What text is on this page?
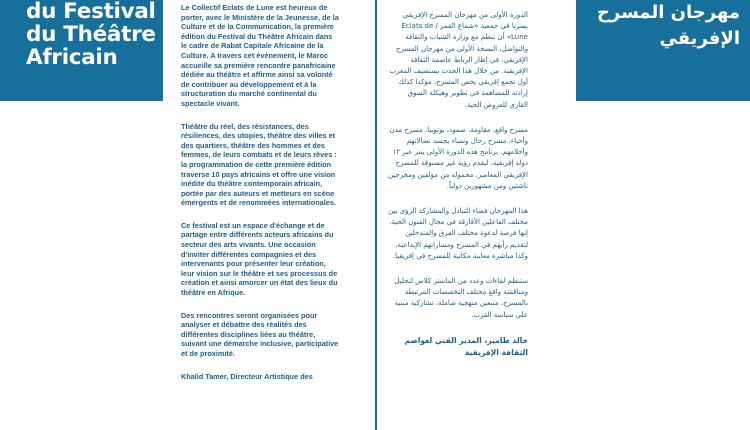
du Festival
du Théâtre
Africain

Le Collectif Eclats de Lune est heureux de porter, avec le Ministère de la Jeunesse, de la Culture et de la Communication, la première édition du Festival du Théâtre Africain dans le cadre de Rabat Capitale Africaine de la Culture. A travers cet événement, le Maroc accueille sa première rencontre panafricaine dédiée au théâtre et affirme ainsi sa volonté de contribuer au développement et à la structuration du marché continental du spectacle vivant.

Théâtre du réel, des résistances, des résiliences, des utopies, théâtre des villes et des quartiers, théâtre des hommes et des femmes, de leurs combats et de leurs rêves : la programmation de cette première édition traverse 10 pays africains et offre une vision inédite du théâtre contemporain africain, portée par des auteurs et metteurs en scène émergents et de renommées internationales.

Ce festival est un espace d'échange et de partage entre différents acteurs africains du secteur des arts vivants. Une occasion d'inviter différentes compagnies et des intervenants pour présenter leur création, leur vision sur le théâtre et ses processus de création et ainsi amorcer un état des lieux du théâtre en Afrique.

Des rencontres seront organisées pour analyser et débattre des réalités des différentes disciplines liées au théâtre, suivant une démarche inclusive, participative et de proximité.

Khalid Tamer, Directeur Artistique des

الدورة الأولى من مهرجان المسرح الإفريقي يسرنا في جمعية «شماع القمر / Eclats de Lune» أن ننظم مع وزارة الشباب والثقافة والتواصل، النسخة الأولى من مهرجان المسرح الإفريقي، في إطار الرباط عاصمة الثقافة الإفريقية. من خلال هذا الحدث يستضيف المغرب أول تجمع إفريقي يخص المسرح، مؤكدا كذلك إرادته للمساهمة في تطوير وهيكلة السوق القاري للعروض الحية.

مسرح واقع، مقاومة، صمود، يوتوبيا، مسرح مدن وأحياء، مسرح رجال ونساء يجسد نضالاتهم وأحلامهم. برنامج هذه الدورة الأولى يمر عبر ١٢ دولة إفريقية، ليقدم رؤية غير مسبوقة للمسرح الإفريقي المعاصر، محمولة من مؤلفين ومخرجين ناشئين ومن مشهورين دولياً.

هذا المهرجان فضاء للتبادل والمشاركة الرؤى بين مختلف الفاعلين الأفارقة في مجال الفنون الحية. إنها فرصة لدعوة مختلف الفرق والمتدخلين لتقديم رأيهم في المسرح ومساراتهم الإبداعية، وكذا مباشرة معاينة مكانية للمسرح في إفريقيا.

ستنظم لقاءات وعدد من الماستر كلاس لتحليل ومناقشة واقع مختلف التخصصات المرتبطة بالمسرح، متبعين منهجية شاملة، تشاركية مبنية على سياسة القرب.

خالد طامير، المدير الفني لعواصم الثقافة الإفريقية

مهرجان المسرح
الإفريقي
